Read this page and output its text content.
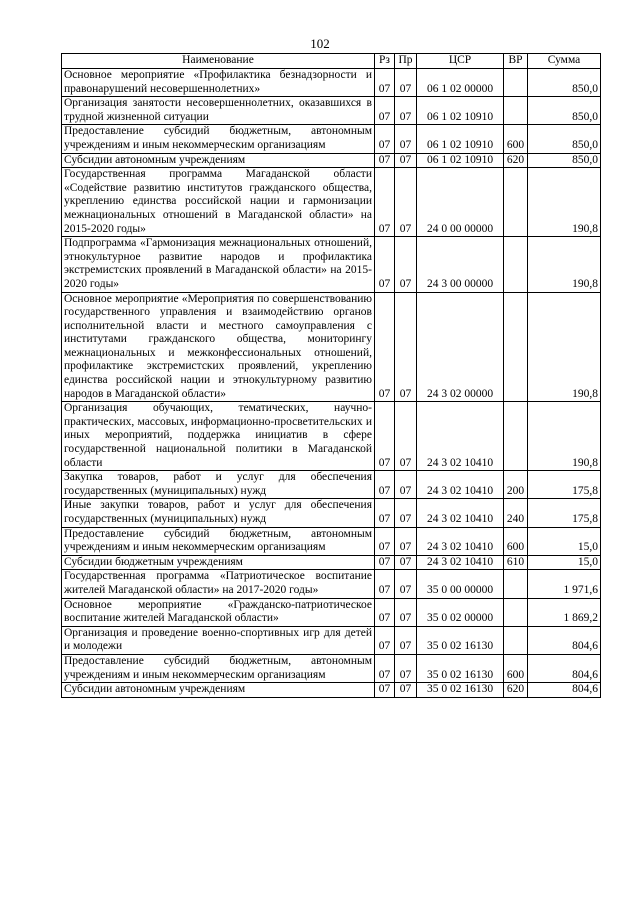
102
Наименование	Рз	Пр	ЦСР	ВР	Сумма
Основное мероприятие «Профилактика безнадзорности и правонарушений несовершеннолетних»	07	07	06 1 02 00000		850,0
Организация занятости несовершеннолетних, оказавшихся в трудной жизненной ситуации	07	07	06 1 02 10910		850,0
Предоставление субсидий бюджетным, автономным учреждениям и иным некоммерческим организациям	07	07	06 1 02 10910	600	850,0
Субсидии автономным учреждениям	07	07	06 1 02 10910	620	850,0
Государственная программа Магаданской области «Содействие развитию институтов гражданского общества, укреплению единства российской нации и гармонизации межнациональных отношений в Магаданской области» на 2015-2020 годы»	07	07	24 0 00 00000		190,8
Подпрограмма «Гармонизация межнациональных отношений, этнокультурное развитие народов и профилактика экстремистских проявлений в Магаданской области» на 2015-2020 годы»	07	07	24 3 00 00000		190,8
Основное мероприятие «Мероприятия по совершенствованию государственного управления и взаимодействию органов исполнительной власти и местного самоуправления с институтами гражданского общества, мониторингу межнациональных и межконфессиональных отношений, профилактике экстремистских проявлений, укреплению единства российской нации и этнокультурному развитию народов в Магаданской области»	07	07	24 3 02 00000		190,8
Организация обучающих, тематических, научно-практических, массовых, информационно-просветительских и иных мероприятий, поддержка инициатив в сфере государственной национальной политики в Магаданской области	07	07	24 3 02 10410		190,8
Закупка товаров, работ и услуг для обеспечения государственных (муниципальных) нужд	07	07	24 3 02 10410	200	175,8
Иные закупки товаров, работ и услуг для обеспечения государственных (муниципальных) нужд	07	07	24 3 02 10410	240	175,8
Предоставление субсидий бюджетным, автономным учреждениям и иным некоммерческим организациям	07	07	24 3 02 10410	600	15,0
Субсидии бюджетным учреждениям	07	07	24 3 02 10410	610	15,0
Государственная программа «Патриотическое воспитание жителей Магаданской области» на 2017-2020 годы»	07	07	35 0 00 00000		1 971,6
Основное мероприятие «Гражданско-патриотическое воспитание жителей Магаданской области»	07	07	35 0 02 00000		1 869,2
Организация и проведение военно-спортивных игр для детей и молодежи	07	07	35 0 02 16130		804,6
Предоставление субсидий бюджетным, автономным учреждениям и иным некоммерческим организациям	07	07	35 0 02 16130	600	804,6
Субсидии автономным учреждениям	07	07	35 0 02 16130	620	804,6
